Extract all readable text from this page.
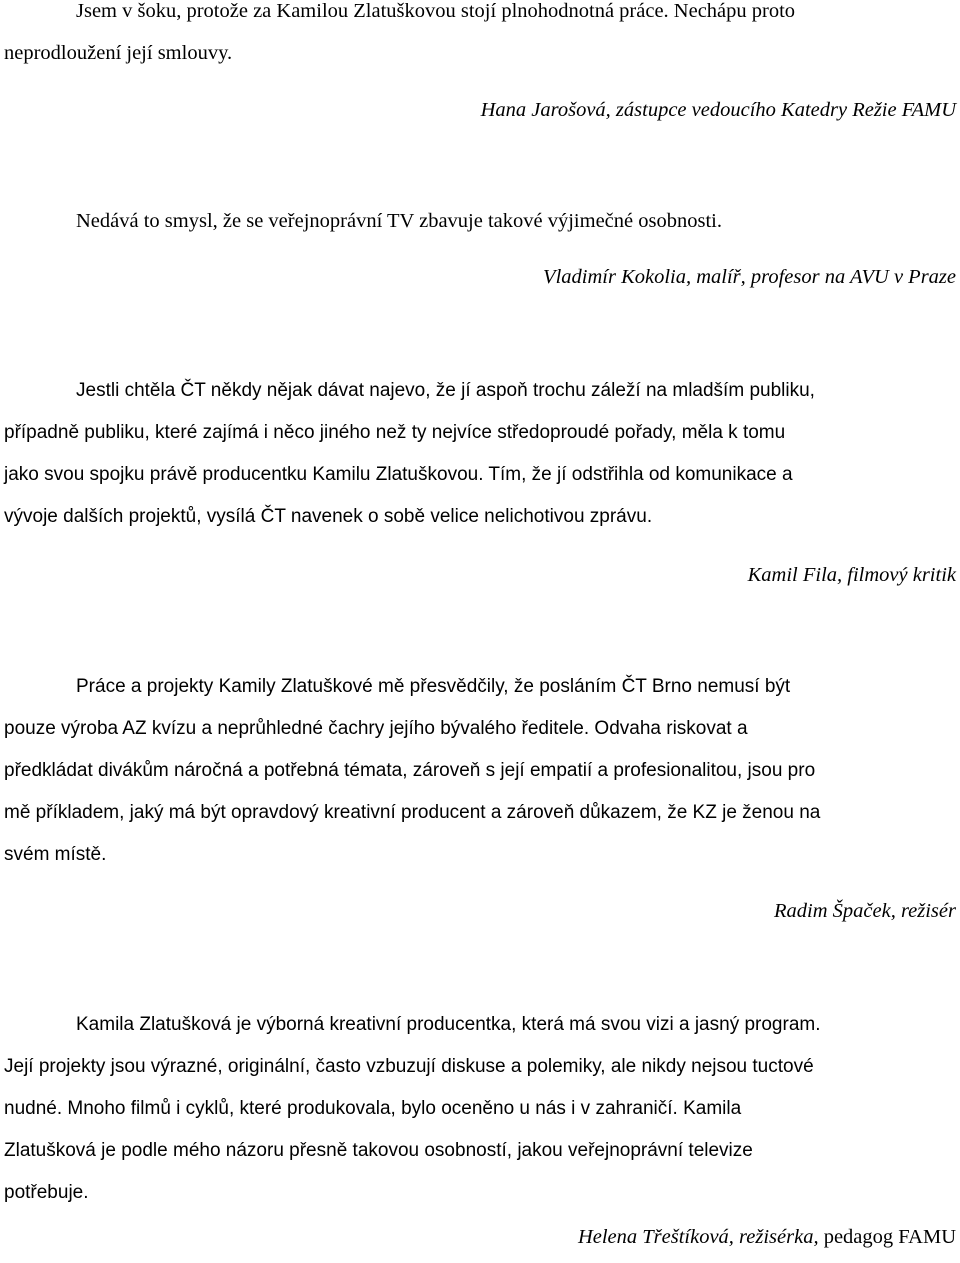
Jsem v šoku, protože za Kamilou Zlatuškovou stojí plnohodnotná práce. Nechápu proto
neprodloužení její smlouvy.

Hana Jarošová, zástupce vedoucího Katedry Režie FAMU

Nedává to smysl, že se veřejnoprávní TV zbavuje takové výjimečné osobnosti.

Vladimír Kokolia, malíř, profesor na AVU v Praze

Jestli chtěla ČT někdy nějak dávat najevo, že jí aspoň trochu záleží na mladším publiku,
případně publiku, které zajímá i něco jiného než ty nejvíce středoproudé pořady, měla k tomu
jako svou spojku právě producentku Kamilu Zlatuškovou. Tím, že jí odstřihla od komunikace a
vývoje dalších projektů, vysílá ČT navenek o sobě velice nelichotivou zprávu.

Kamil Fila, filmový kritik

Práce a projekty Kamily Zlatuškové mě přesvědčily, že posláním ČT Brno nemusí být
pouze výroba AZ kvízu a neprůhledné čachry jejího bývalého ředitele. Odvaha riskovat a
předkládat divákům náročná a potřebná témata, zároveň s její empatií a profesionalitou, jsou pro
mě příkladem, jaký má být opravdový kreativní producent a zároveň důkazem, že KZ je ženou na
svém místě.

Radim Špaček, režisér

Kamila Zlatušková je výborná kreativní producentka, která má svou vizi a jasný program.
Její projekty jsou výrazné, originální, často vzbuzují diskuse a polemiky, ale nikdy nejsou tuctové
nudné. Mnoho filmů i cyklů, které produkovala, bylo oceněno u nás i v zahraničí. Kamila
Zlatušková je podle mého názoru přesně takovou osobností, jakou veřejnoprávní televize
potřebuje.

Helena Třeštíková, režisérka, pedagog FAMU
